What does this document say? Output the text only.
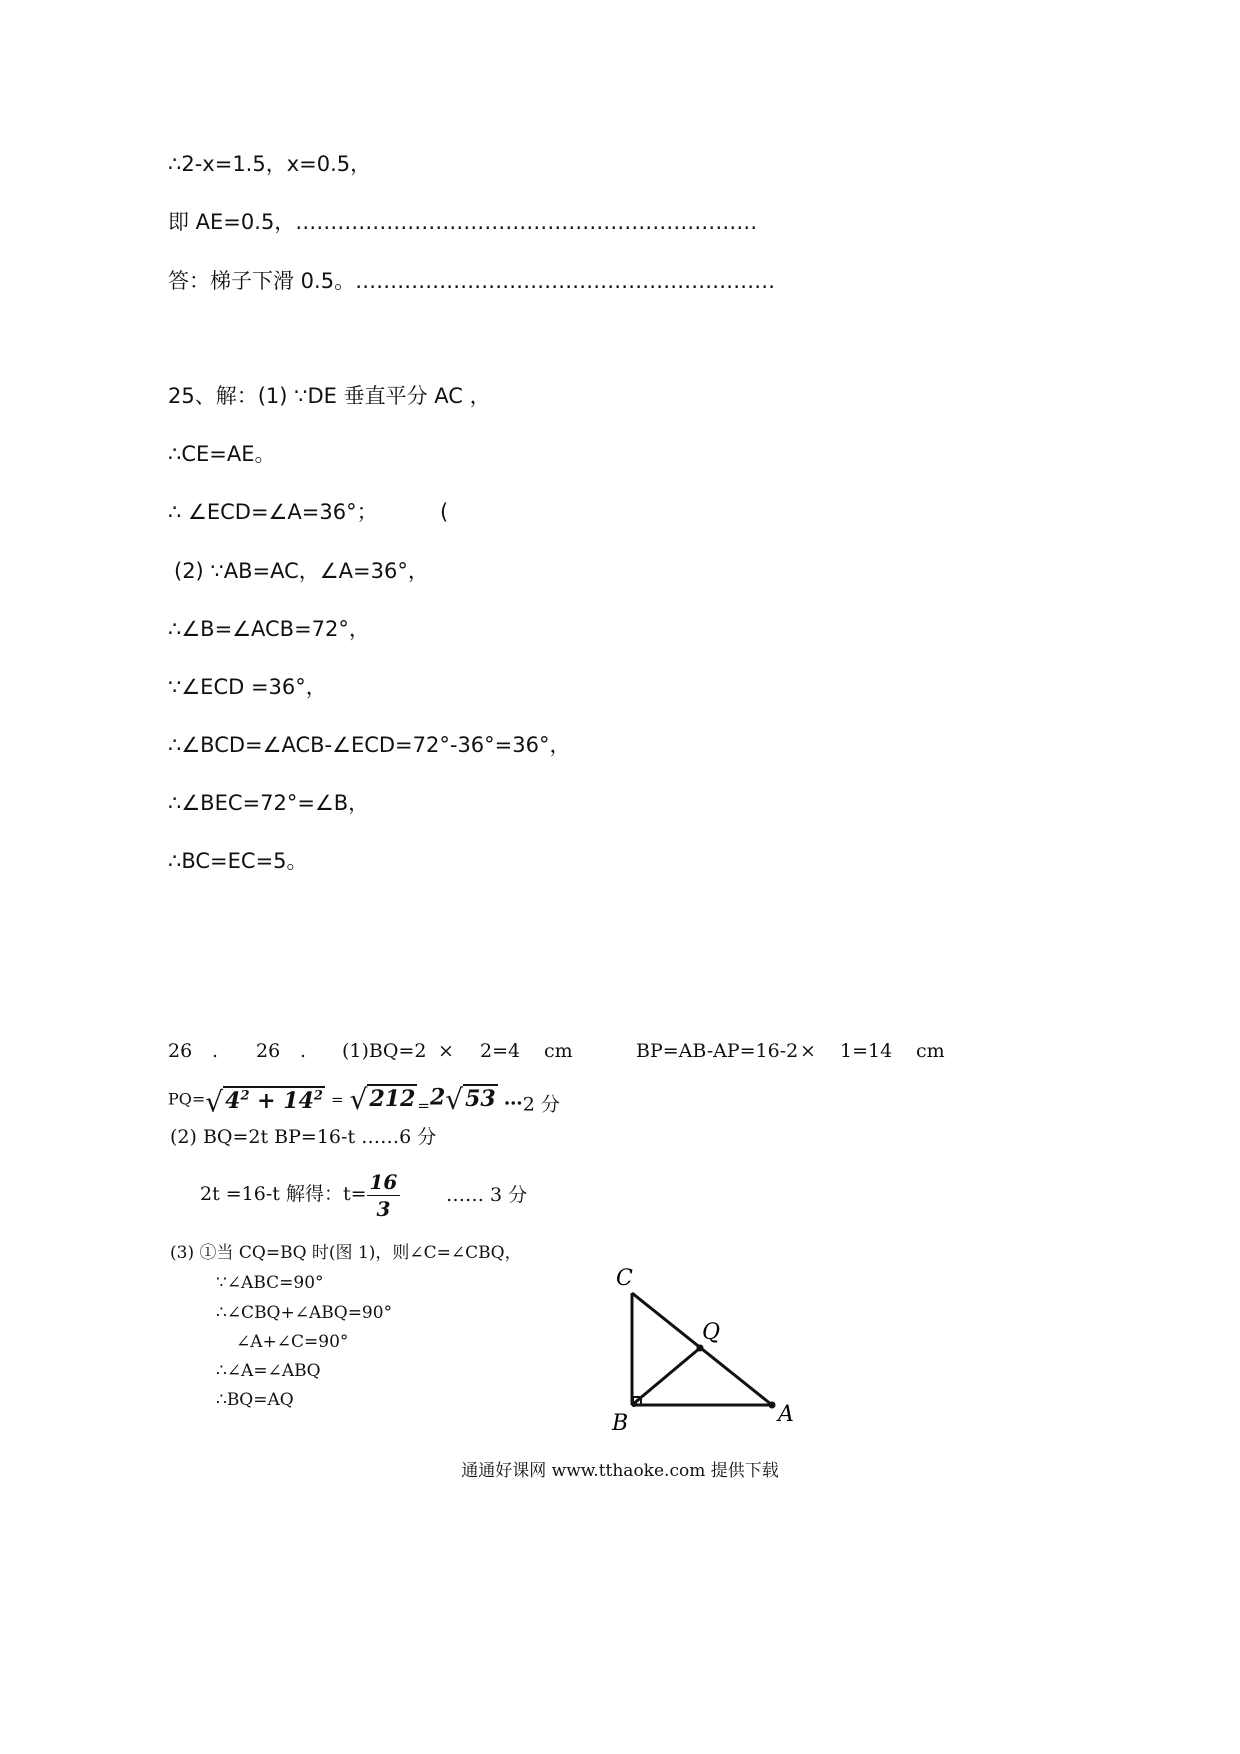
∴2-x=1.5，x=0.5，
即 AE=0.5，…………………………………………………………
答：梯子下滑 0.5。……………………………………………………
25、解：(1) ∵DE 垂直平分 AC ，
∴CE=AE。
∴ ∠ECD=∠A=36°；	(
(2) ∵AB=AC，∠A=36°，
∴∠B=∠ACB=72°，
∵∠ECD =36°，
∴∠BCD=∠ACB-∠ECD=72°-36°=36°，
∴∠BEC=72°=∠B，
∴BC=EC=5。
26 . 26 . (1)BQ=2 × 2=4 cm	BP=AB-AP=16-2 × 1=14 cm
$PQ=√4^2 + 14^2 = √212$ $_=$2√53 …2 分
(2) BQ=2t BP=16-t ……6 分
2t =16-t 解得：$t= \frac{16}{3}$ …… 3 分
(3) ①当 CQ=BQ 时(图 1)，则∠C=∠CBQ，
∵∠ABC=90°
∴∠CBQ+∠ABQ=90°
∠A+∠C=90°
∴∠A=∠ABQ
∴BQ=AQ
C
Q
B	A
通通好课网 www.tthaoke.com 提供下载
